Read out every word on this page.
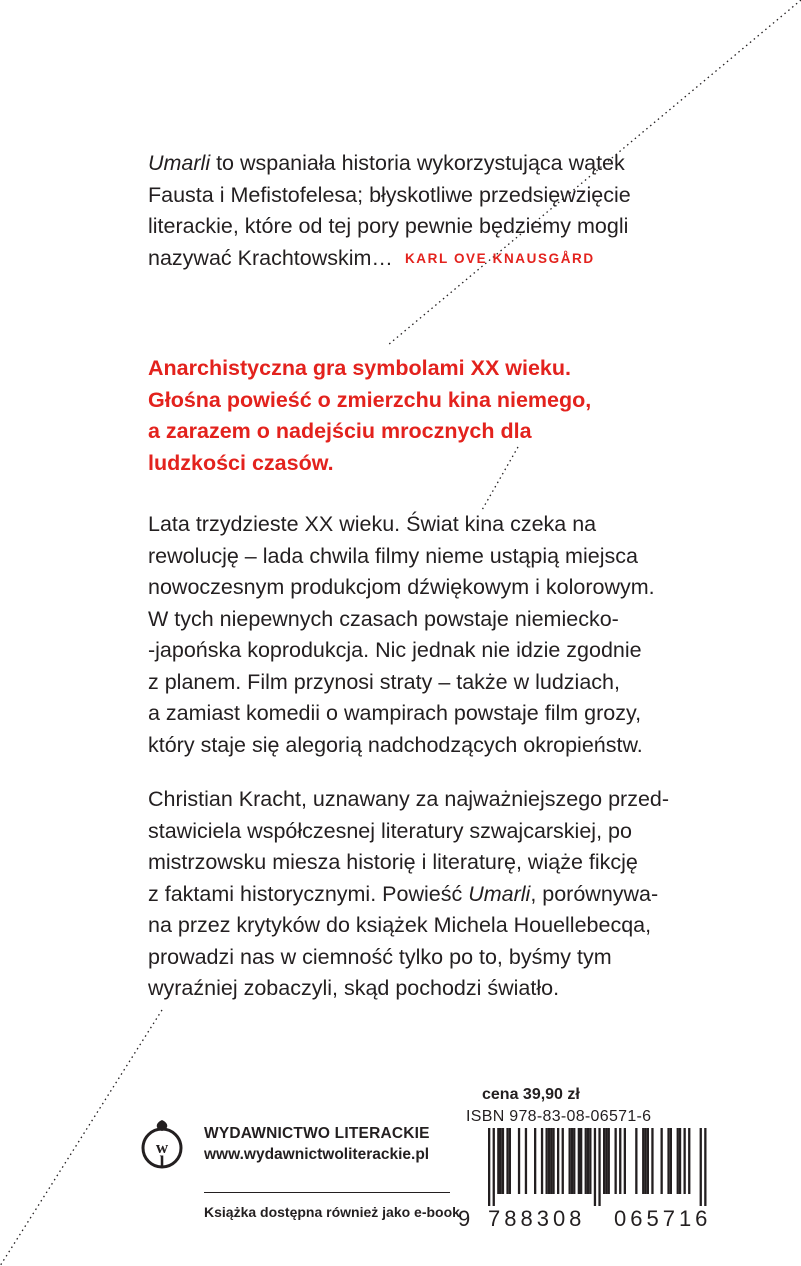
Umarli to wspaniała historia wykorzystująca wątek
Fausta i Mefistofelesa; błyskotliwe przedsięwzięcie
literackie, które od tej pory pewnie będziemy mogli
nazywać Krachtowskim… KARL OVE KNAUSGÅRD
Anarchistyczna gra symbolami XX wieku.
Głośna powieść o zmierzchu kina niemego,
a zarazem o nadejściu mrocznych dla
ludzkości czasów.
Lata trzydzieste XX wieku. Świat kina czeka na
rewolucję – lada chwila filmy nieme ustąpią miejsca
nowoczesnym produkcjom dźwiękowym i kolorowym.
W tych niepewnych czasach powstaje niemiecko-
-japońska koprodukcja. Nic jednak nie idzie zgodnie
z planem. Film przynosi straty – także w ludziach,
a zamiast komedii o wampirach powstaje film grozy,
który staje się alegorią nadchodzących okropieństw.
Christian Kracht, uznawany za najważniejszego przed-
stawiciela współczesnej literatury szwajcarskiej, po
mistrzowsku miesza historię i literaturę, wiąże fikcję
z faktami historycznymi. Powieść Umarli, porównywa-
na przez krytyków do książek Michela Houellebecqa,
prowadzi nas w ciemność tylko po to, byśmy tym
wyraźniej zobaczyli, skąd pochodzi światło.
w
l
WYDAWNICTWO LITERACKIE
www.wydawnictwoliterackie.pl
Książka dostępna również jako e-book
cena 39,90 zł
ISBN 978-83-08-06571-6
9 788308 065716
